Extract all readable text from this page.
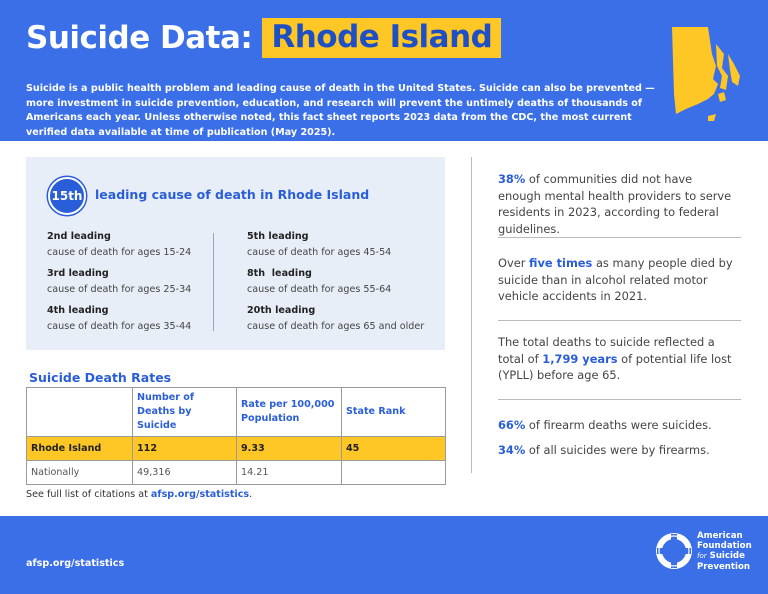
Suicide Data: Rhode Island
Suicide is a public health problem and leading cause of death in the United States. Suicide can also be prevented — more investment in suicide prevention, education, and research will prevent the untimely deaths of thousands of Americans each year. Unless otherwise noted, this fact sheet reports 2023 data from the CDC, the most current verified data available at time of publication (May 2025).
15th leading cause of death in Rhode Island
2nd leading
cause of death for ages 15-24
3rd leading
cause of death for ages 25-34
4th leading
cause of death for ages 35-44
5th leading
cause of death for ages 45-54
8th  leading
cause of death for ages 55-64
20th leading
cause of death for ages 65 and older
Suicide Death Rates
	Number of Deaths by Suicide	Rate per 100,000 Population	State Rank
Rhode Island	112	9.33	45
Nationally	49,316	14.21	
See full list of citations at afsp.org/statistics.
38% of communities did not have enough mental health providers to serve residents in 2023, according to federal guidelines.
Over five times as many people died by suicide than in alcohol related motor vehicle accidents in 2021.
The total deaths to suicide reflected a total of 1,799 years of potential life lost (YPLL) before age 65.
66% of firearm deaths were suicides.
34% of all suicides were by firearms.
afsp.org/statistics
American
Foundation
for Suicide
Prevention
